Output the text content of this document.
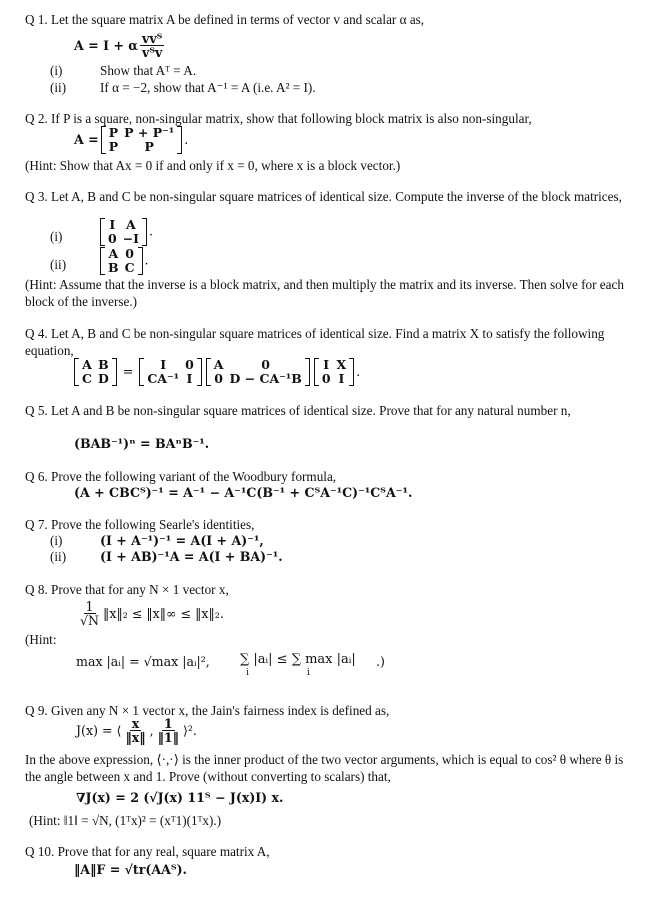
Q 1. Let the square matrix A be defined in terms of vector v and scalar α as,
A = I + α $\frac{\text{vvᵀ}}{\text{vᵀv}}$
(i)	Show that Aᵀ = A.
(ii)	If α = −2, show that A⁻¹ = A (i.e. A² = I).
Q 2. If P is a square, non-singular matrix, show that following block matrix is also non-singular,
A = P	P + P⁻¹
P	P .
(Hint: Show that Ax = 0 if and only if x = 0, where x is a block vector.)
Q 3. Let A, B and C be non-singular square matrices of identical size. Compute the inverse of the block matrices,
(i)
I	A
0	−I .
(ii)
A	0
B	C .
(Hint: Assume that the inverse is a block matrix, and then multiply the matrix and its inverse. Then solve for each block of the inverse.)
Q 4. Let A, B and C be non-singular square matrices of identical size. Find a matrix X to satisfy the following equation,
A	B
C	D = I	0
CA⁻¹	I
A	0
0	D − CA⁻¹B
I	X
0	I .
Q 5. Let A and B be non-singular square matrices of identical size. Prove that for any natural number n,
(BAB⁻¹)ⁿ = BAⁿB⁻¹.
Q 6. Prove the following variant of the Woodbury formula,
(A + CBCᵀ)⁻¹ = A⁻¹ − A⁻¹C(B⁻¹ + CᵀA⁻¹C)⁻¹CᵀA⁻¹.
Q 7. Prove the following Searle's identities,
(i)	(I + A⁻¹)⁻¹ = A(I + A)⁻¹,
(ii)	(I + AB)⁻¹A = A(I + BA)⁻¹.
Q 8. Prove that for any N × 1 vector x,
$\frac{1}{√N}$ ‖x‖₂ ≤ ‖x‖∞ ≤ ‖x‖₂.
(Hint:
max |aᵢ| = √max |aᵢ|², ∑ |aᵢ| ≤ ∑ max |aᵢ|
i	i
.)
Q 9. Given any N × 1 vector x, the Jain's fairness index is defined as,
J(x) = ⟨ $\frac{x}{‖x‖}$ , $\frac{1}{‖1‖}$ ⟩².
In the above expression, ⟨·,·⟩ is the inner product of the two vector arguments, which is equal to cos² θ where θ is the angle between x and 1. Prove (without converting to scalars) that,
∇J(x) = 2 (√J(x) 11ᵀ − J(x)I) x.
(Hint: ‖1‖ = √N, (1ᵀx)² = (xᵀ1)(1ᵀx).)
Q 10. Prove that for any real, square matrix A,
‖A‖F = √tr(AAᵀ).
